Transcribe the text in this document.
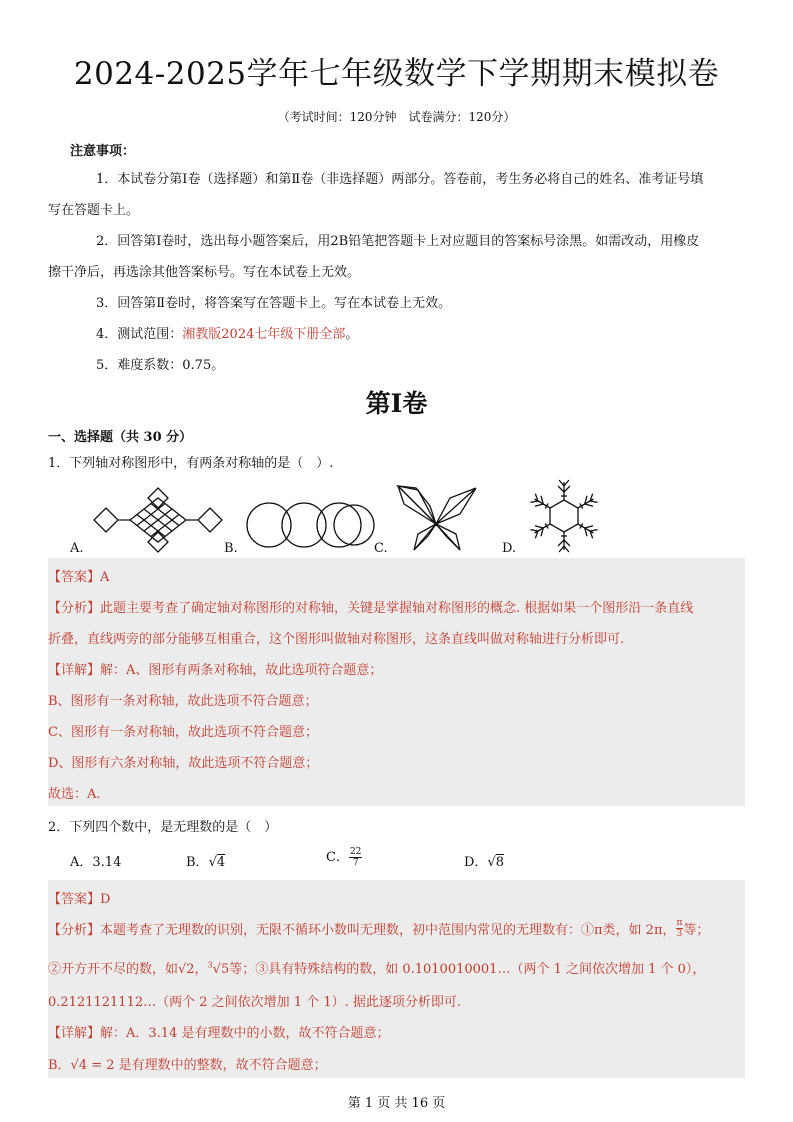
2024-2025学年七年级数学下学期期末模拟卷
（考试时间：120分钟　试卷满分：120分）
注意事项：
1．本试卷分第Ⅰ卷（选择题）和第Ⅱ卷（非选择题）两部分。答卷前，考生务必将自己的姓名、准考证号填
写在答题卡上。
2．回答第Ⅰ卷时，选出每小题答案后，用2B铅笔把答题卡上对应题目的答案标号涂黑。如需改动，用橡皮
擦干净后，再选涂其他答案标号。写在本试卷上无效。
3．回答第Ⅱ卷时，将答案写在答题卡上。写在本试卷上无效。
4．测试范围：湘教版2024七年级下册全部。
5．难度系数：0.75。
第Ⅰ卷
一、选择题（共 30 分）
1．下列轴对称图形中，有两条对称轴的是（　）.
A.	B.	C.	D.
【答案】A
【分析】此题主要考查了确定轴对称图形的对称轴，关键是掌握轴对称图形的概念. 根据如果一个图形沿一条直线
折叠，直线两旁的部分能够互相重合，这个图形叫做轴对称图形，这条直线叫做对称轴进行分析即可.
【详解】解：A、图形有两条对称轴，故此选项符合题意；
B、图形有一条对称轴，故此选项不符合题意；
C、图形有一条对称轴，故此选项不符合题意；
D、图形有六条对称轴，故此选项不符合题意；
故选：A.
2．下列四个数中，是无理数的是（　）
A．3.14	B．√4	C． $\frac{22}{7}$	D．√8
【答案】D
【分析】本题考查了无理数的识别，无限不循环小数叫无理数，初中范围内常见的无理数有：①π类，如 2π， $\frac{\pi}{3}$ 等；
②开方开不尽的数，如√2，$^3$√5等；③具有特殊结构的数，如 0.1010010001…（两个 1 之间依次增加 1 个 0），
0.2121121112…（两个 2 之间依次增加 1 个 1）. 据此逐项分析即可.
【详解】解：A．3.14 是有理数中的小数，故不符合题意；
B．√4 = 2 是有理数中的整数，故不符合题意；
第 1 页 共 16 页
